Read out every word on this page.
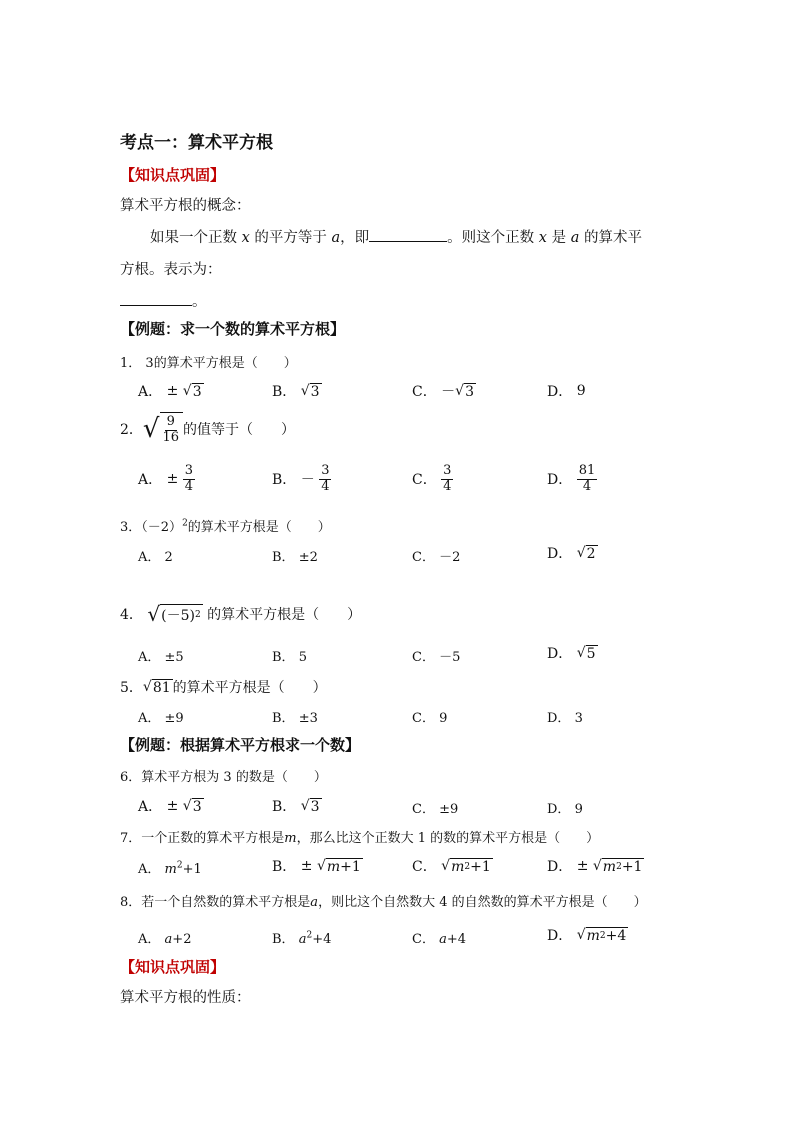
考点一：算术平方根
【知识点巩固】
算术平方根的概念：
如果一个正数 x 的平方等于 a，即	。则这个正数 x 是 a 的算术平
方根。表示为：
。
【例题：求一个数的算术平方根】
1． 3的算术平方根是（　　）
A．
±
√ 3	B．
√ 3	C．
－ √ 3	D．
9
2． √ $\frac{9}{16}$ 的值等于（　　）
A．
±
$\frac{3}{4}$	B．
－
$\frac{3}{4}$	C．
$\frac{3}{4}$	D．
$\frac{81}{4}$
3．$(-2)^2$的算术平方根是（　　）
A． 2	B． ±2	C． －2	D．
√ 2
4．
√ (－5) 2
的算术平方根是（　　）
A． ±5	B． 5	C． －5	D．
√ 5
5． √ 81 的算术平方根是（　　）
A． ±9	B． ±3	C． 9	D． 3
【例题：根据算术平方根求一个数】
6．算术平方根为 3 的数是（　　）
A．
±
√ 3	B．
√ 3	C． ±9	D． 9
7．一个正数的算术平方根是m，那么比这个正数大 1 的数的算术平方根是（　　）
A． $m^2+1$	B．
±
√ m +1	C．
√ m 2 +1	D．
±
√ m 2 +1
8．若一个自然数的算术平方根是a，则比这个自然数大 4 的自然数的算术平方根是（　　）
A． a+2	B． $a^2+4$	C． a+4	D．
√ m 2 +4
【知识点巩固】
算术平方根的性质：
